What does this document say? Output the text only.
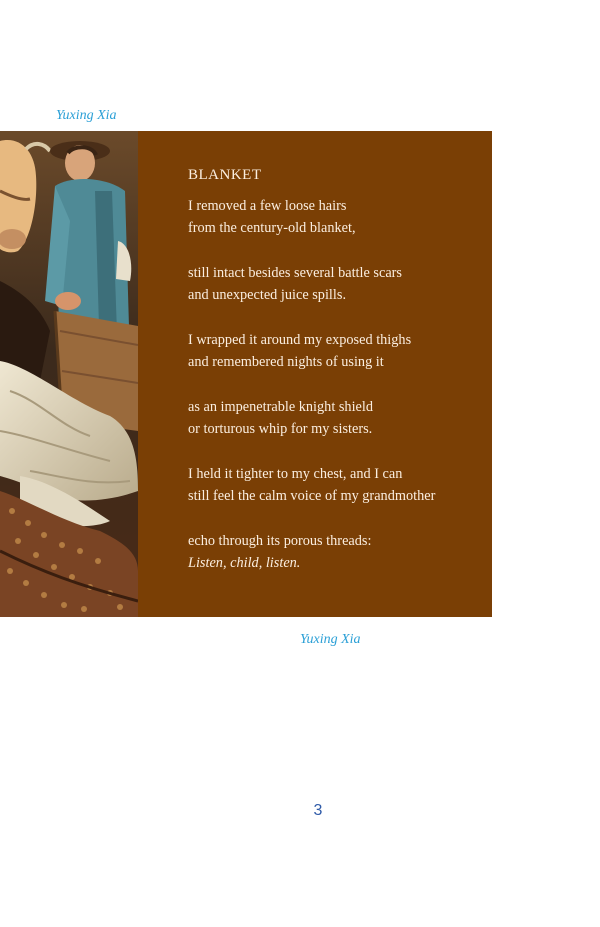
Yuxing Xia
BLANKET
I removed a few loose hairs
from the century-old blanket,
still intact besides several battle scars
and unexpected juice spills.
I wrapped it around my exposed thighs
and remembered nights of using it
as an impenetrable knight shield
or torturous whip for my sisters.
I held it tighter to my chest, and I can
still feel the calm voice of my grandmother
echo through its porous threads:
Listen, child, listen.
Yuxing Xia
3
